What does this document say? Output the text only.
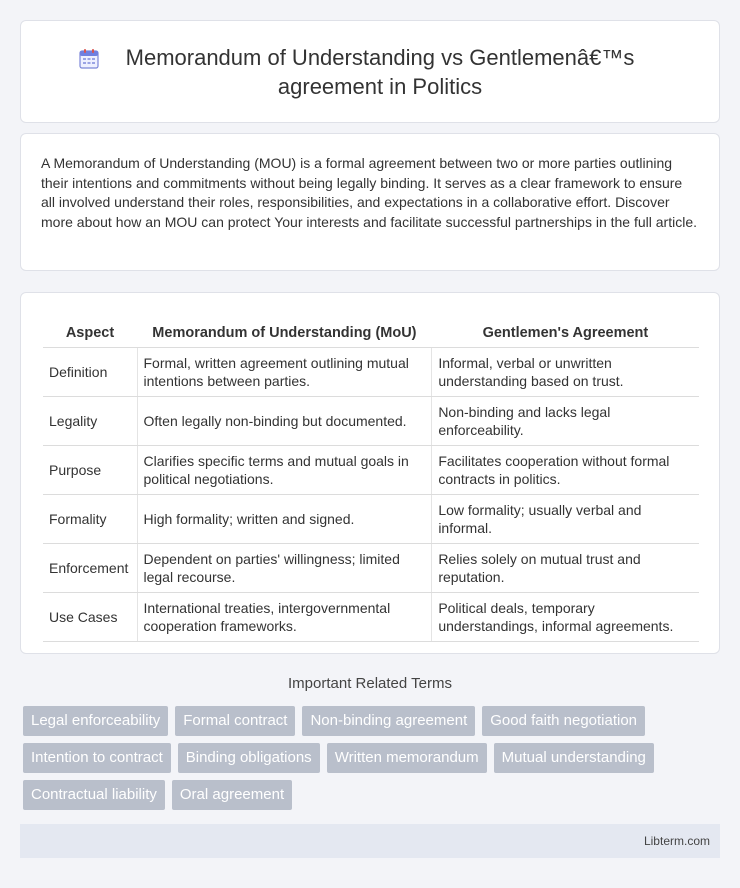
Memorandum of Understanding vs Gentlemenâ€™s agreement in Politics

A Memorandum of Understanding (MOU) is a formal agreement between two or more parties outlining their intentions and commitments without being legally binding. It serves as a clear framework to ensure all involved understand their roles, responsibilities, and expectations in a collaborative effort. Discover more about how an MOU can protect Your interests and facilitate successful partnerships in the full article.

Aspect	Memorandum of Understanding (MoU)	Gentlemen's Agreement
Definition	Formal, written agreement outlining mutual intentions between parties.	Informal, verbal or unwritten understanding based on trust.
Legality	Often legally non-binding but documented.	Non-binding and lacks legal enforceability.
Purpose	Clarifies specific terms and mutual goals in political negotiations.	Facilitates cooperation without formal contracts in politics.
Formality	High formality; written and signed.	Low formality; usually verbal and informal.
Enforcement	Dependent on parties' willingness; limited legal recourse.	Relies solely on mutual trust and reputation.
Use Cases	International treaties, intergovernmental cooperation frameworks.	Political deals, temporary understandings, informal agreements.
Important Related Terms
Legal enforceability	Formal contract	Non-binding agreement	Good faith negotiation
Intention to contract	Binding obligations	Written memorandum	Mutual understanding
Contractual liability	Oral agreement
Libterm.com
